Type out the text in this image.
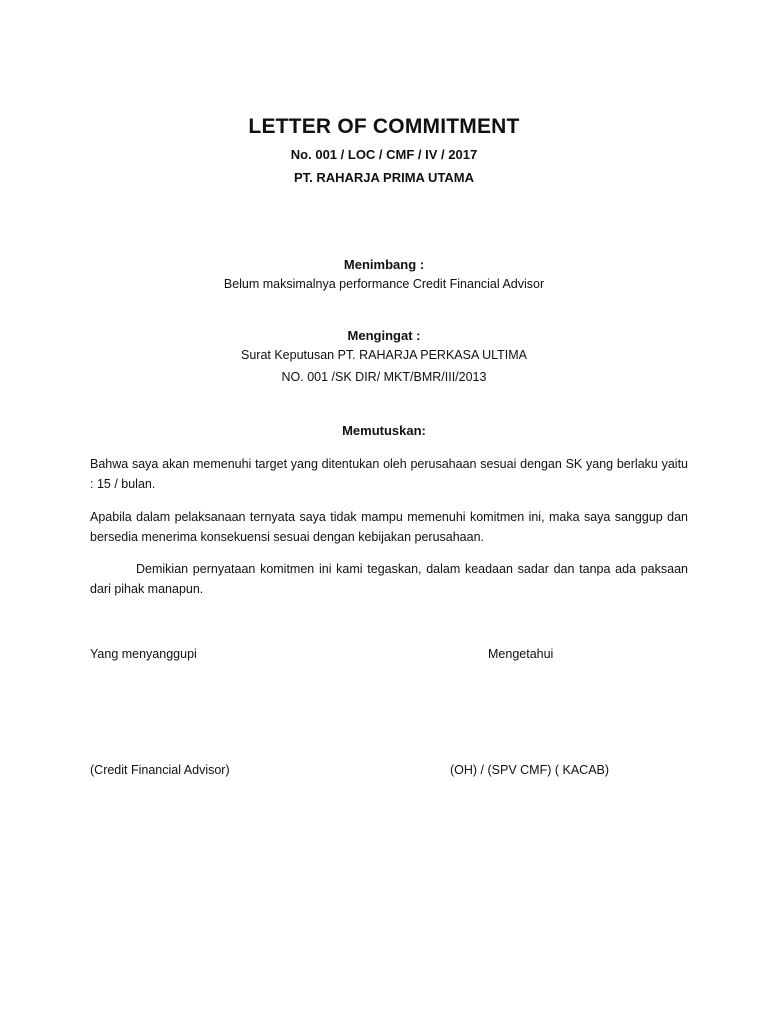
LETTER OF COMMITMENT
No. 001 / LOC / CMF / IV / 2017
PT. RAHARJA PRIMA UTAMA
Menimbang :
Belum maksimalnya performance Credit Financial Advisor
Mengingat :
Surat Keputusan PT. RAHARJA PERKASA ULTIMA
NO. 001 /SK DIR/ MKT/BMR/III/2013
Memutuskan:
Bahwa saya akan memenuhi target yang ditentukan oleh perusahaan sesuai dengan SK yang berlaku yaitu : 15 / bulan.
Apabila dalam pelaksanaan ternyata saya tidak mampu memenuhi komitmen ini, maka saya sanggup dan bersedia menerima konsekuensi sesuai dengan kebijakan perusahaan.
Demikian pernyataan komitmen ini kami tegaskan, dalam keadaan sadar dan tanpa ada paksaan dari pihak manapun.
Yang menyanggupi	Mengetahui
(Credit Financial Advisor)	(OH) / (SPV CMF) ( KACAB)
